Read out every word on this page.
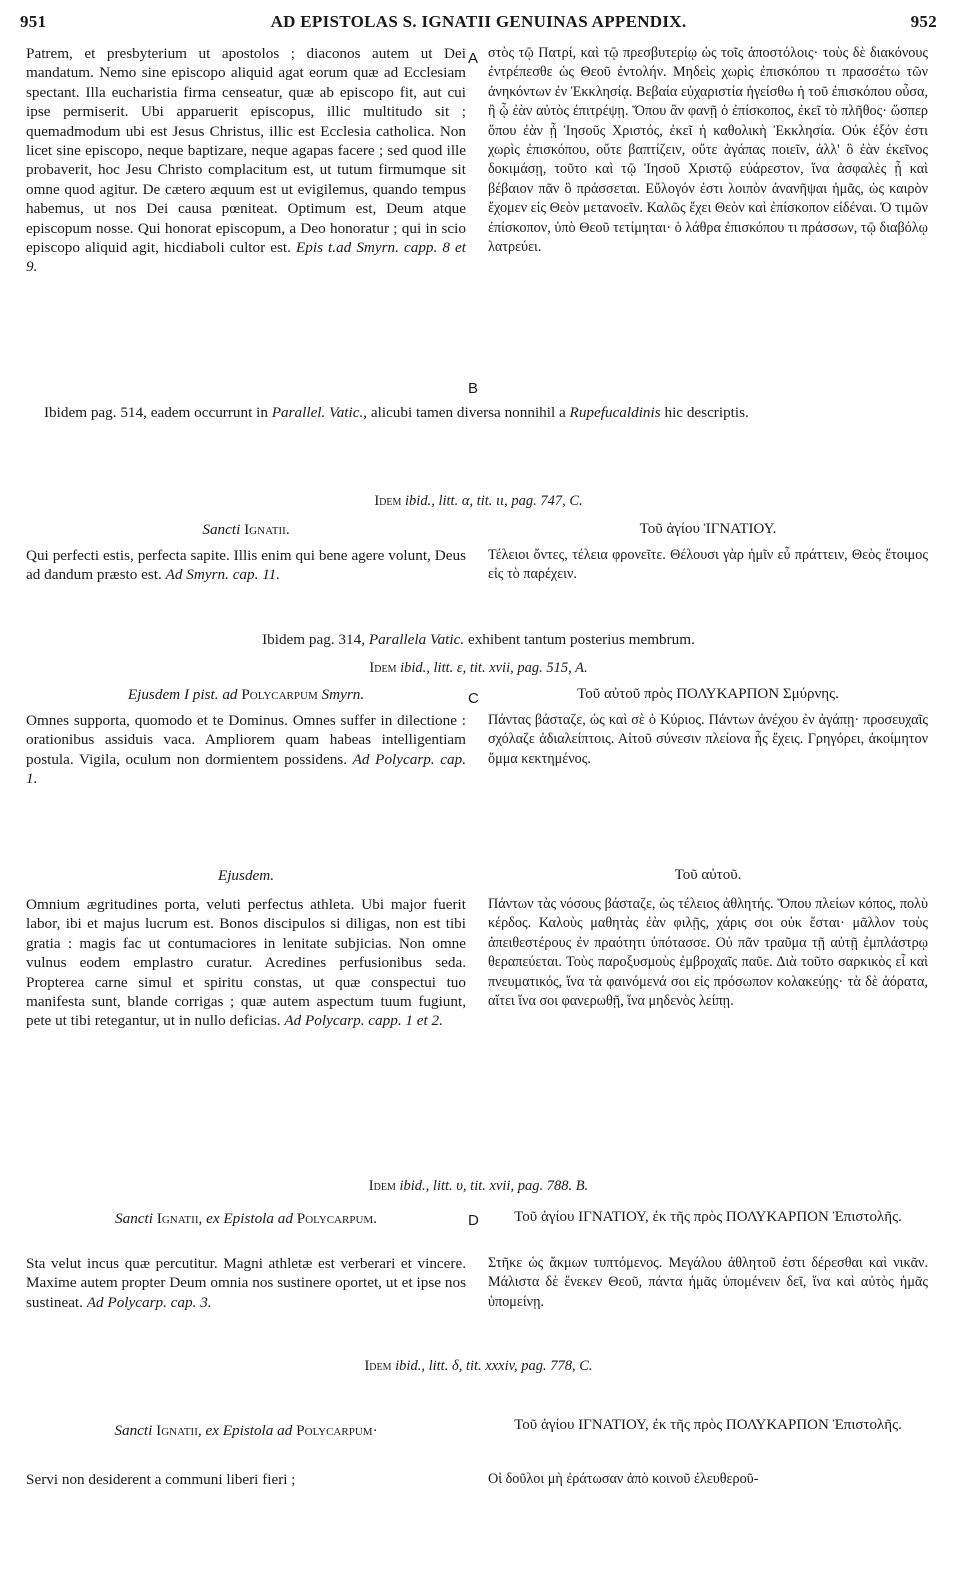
951	AD EPISTOLAS S. IGNATII GENUINAS APPENDIX.	952

Patrem, et presbyterium ut apostolos ; diaconos autem ut Dei mandatum. Nemo sine episcopo aliquid agat eorum quæ ad Ecclesiam spectant. Illa eucharistia firma censeatur, quæ ab episcopo fit, aut cui ipse permiserit. Ubi apparuerit episcopus, illic multitudo sit ; quemadmodum ubi est Jesus Christus, illic est Ecclesia catholica. Non licet sine episcopo, neque baptizare, neque agapas facere ; sed quod ille probaverit, hoc Jesu Christo complacitum est, ut tutum firmumque sit omne quod agitur. De cætero æquum est ut evigilemus, quando tempus habemus, ut nos Dei causa pœniteat. Optimum est, Deum atque episcopum nosse. Qui honorat episcopum, a Deo honoratur ; qui in scio episcopo aliquid agit, hicdiaboli cultor est. Epis t.ad Smyrn. capp. 8 et 9.

A στὸς τῷ Πατρί, καὶ τῷ πρεσβυτερίῳ ὡς τοῖς ἀποστόλοις· τοὺς δὲ διακόνους ἐντρέπεσθε ὡς Θεοῦ ἐντολήν. Μηδεὶς χωρὶς ἐπισκόπου τι πρασσέτω τῶν ἀνηκόντων ἐν Ἐκκλησίᾳ. Βεβαία εὐχαριστία ἡγείσθω ἡ τοῦ ἐπισκόπου οὖσα, ἢ ᾧ ἐὰν αὐτὸς ἐπιτρέψῃ. Ὅπου ἂν φανῇ ὁ ἐπίσκοπος, ἐκεῖ τὸ πλῆθος· ὥσπερ ὅπου ἐὰν ᾖ Ἰησοῦς Χριστός, ἐκεῖ ἡ καθολικὴ Ἐκκλησία. Οὐκ ἐξόν ἐστι χωρὶς ἐπισκόπου, οὔτε βαπτίζειν, οὔτε ἀγάπας ποιεῖν, ἀλλ' ὃ ἐὰν ἐκεῖνος δοκιμάσῃ, τοῦτο καὶ τῷ Ἰησοῦ Χριστῷ εὐάρεστον, ἵνα ἀσφαλὲς ᾖ καὶ βέβαιον πᾶν ὃ πράσσεται. Εὔλογόν ἐστι λοιπὸν ἀνανῆψαι ἡμᾶς, ὡς καιρὸν ἔχομεν εἰς Θεὸν μετανοεῖν. Καλῶς ἔχει Θεὸν καὶ ἐπίσκοπον εἰδέναι. Ὁ τιμῶν ἐπίσκοπον, ὑπὸ Θεοῦ τετίμηται· ὁ λάθρα ἐπισκόπου τι πράσσων, τῷ διαβόλῳ λατρεύει.

B

Ibidem pag. 514, eadem occurrunt in Parallel. Vatic., alicubi tamen diversa nonnihil a Rupefucaldinis hic descriptis.

Idem ibid., litt. α, tit. ιι, pag. 747, C.
Sancti Ignatii.	Τοῦ ἁγίου ἸΓΝΑΤΙΟΥ.

Qui perfecti estis, perfecta sapite. Illis enim qui bene agere volunt, Deus ad dandum præsto est. Ad Smyrn. cap. 11.

Τέλειοι ὄντες, τέλεια φρονεῖτε. Θέλουσι γὰρ ἡμῖν εὖ πράττειν, Θεὸς ἕτοιμος εἰς τὸ παρέχειν.

Ibidem pag. 314, Parallela Vatic. exhibent tantum posterius membrum.

Idem ibid., litt. ε, tit. xvii, pag. 515, A.
Ejusdem I pist. ad Polycarpum Smyrn.	C	Τοῦ αὐτοῦ πρὸς ΠΟΛΥΚΑΡΠΟΝ Σμύρνης.

Omnes supporta, quomodo et te Dominus. Omnes suffer in dilectione : orationibus assiduis vaca. Ampliorem quam habeas intelligentiam postula. Vigila, oculum non dormientem possidens. Ad Polycarp. cap. 1.

Πάντας βάσταζε, ὡς καὶ σὲ ὁ Κύριος. Πάντων ἀνέχου ἐν ἀγάπῃ· προσευχαῖς σχόλαζε ἀδιαλείπτοις. Αἰτοῦ σύνεσιν πλείονα ἧς ἔχεις. Γρηγόρει, ἀκοίμητον ὄμμα κεκτημένος.

Ejusdem.	Τοῦ αὐτοῦ.

Omnium ægritudines porta, veluti perfectus athleta. Ubi major fuerit labor, ibi et majus lucrum est. Bonos discipulos si diligas, non est tibi gratia : magis fac ut contumaciores in lenitate subjicias. Non omne vulnus eodem emplastro curatur. Acredines perfusionibus seda. Propterea carne simul et spiritu constas, ut quæ conspectui tuo manifesta sunt, blande corrigas ; quæ autem aspectum tuum fugiunt, pete ut tibi retegantur, ut in nullo deficias. Ad Polycarp. capp. 1 et 2.

Πάντων τὰς νόσους βάσταζε, ὡς τέλειος ἀθλητής. Ὅπου πλείων κόπος, πολὺ κέρδος. Καλοὺς μαθητὰς ἐὰν φιλῇς, χάρις σοι οὐκ ἔσται· μᾶλλον τοὺς ἀπειθεστέρους ἐν πραότητι ὑπότασσε. Οὐ πᾶν τραῦμα τῇ αὐτῇ ἐμπλάστρῳ θεραπεύεται. Τοὺς παροξυσμοὺς ἐμβροχαῖς παῦε. Διὰ τοῦτο σαρκικὸς εἶ καὶ πνευματικός, ἵνα τὰ φαινόμενά σοι εἰς πρόσωπον κολακεύῃς· τὰ δὲ ἀόρατα, αἴτει ἵνα σοι φανερωθῇ, ἵνα μηδενὸς λείπῃ.

Idem ibid., litt. υ, tit. xvii, pag. 788. B.
Sancti Ignatii, ex Epistola ad Polycarpum.	D	Τοῦ ἁγίου ΙΓΝΑΤΙΟΥ, ἐκ τῆς πρὸς ΠΟΛΥΚΑΡΠΟΝ Ἐπιστολῆς.

Sta velut incus quæ percutitur. Magni athletæ est verberari et vincere. Maxime autem propter Deum omnia nos sustinere oportet, ut et ipse nos sustineat. Ad Polycarp. cap. 3.

Στῆκε ὡς ἄκμων τυπτόμενος. Μεγάλου ἀθλητοῦ ἐστι δέρεσθαι καὶ νικᾶν. Μάλιστα δὲ ἕνεκεν Θεοῦ, πάντα ἡμᾶς ὑπομένειν δεῖ, ἵνα καὶ αὐτὸς ἡμᾶς ὑπομείνῃ.

Idem ibid., litt. δ, tit. xxxiv, pag. 778, C.
Sancti Ignatii, ex Epistola ad Polycarpum·	Τοῦ ἁγίου ΙΓΝΑΤΙΟΥ, ἐκ τῆς πρὸς ΠΟΛΥΚΑΡΠΟΝ Ἐπιστολῆς.

Servi non desiderent a communi liberi fieri ;	Οἱ δοῦλοι μὴ ἐράτωσαν ἀπὸ κοινοῦ ἐλευθεροῦ-
